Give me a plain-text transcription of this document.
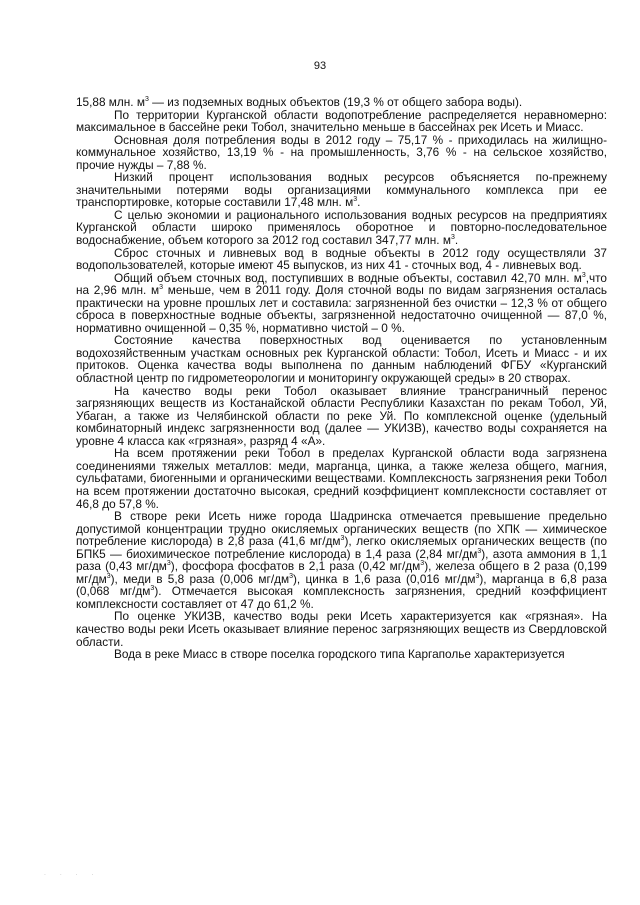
93

15,88 млн. $м^3$ — из подземных водных объектов (19,3 % от общего забора воды).

По территории Курганской области водопотребление распределяется неравномерно: максимальное в бассейне реки Тобол, значительно меньше в бассейнах рек Исеть и Миасс.

Основная доля потребления воды в 2012 году – 75,17 % - приходилась на жилищно-коммунальное хозяйство, 13,19 % - на промышленность, 3,76 % - на сельское хозяйство, прочие нужды – 7,88 %.

Низкий процент использования водных ресурсов объясняется по-прежнему значительными потерями воды организациями коммунального комплекса при ее транспортировке, которые составили 17,48 млн. $м^3$.

С целью экономии и рационального использования водных ресурсов на предприятиях Курганской области широко применялось оборотное и повторно-последовательное водоснабжение, объем которого за 2012 год составил 347,77 млн. $м^3$.

Сброс сточных и ливневых вод в водные объекты в 2012 году осуществляли 37 водопользователей, которые имеют 45 выпусков, из них 41 - сточных вод, 4 - ливневых вод.

Общий объем сточных вод, поступивших в водные объекты, составил 42,70 млн. $м^3,что$ на 2,96 млн. $м^3$ меньше, чем в 2011 году. Доля сточной воды по видам загрязнения осталась практически на уровне прошлых лет и составила: загрязненной без очистки – 12,3 % от общего сброса в поверхностные водные объекты, загрязненной недостаточно очищенной — 87,0 %, нормативно очищенной – 0,35 %, нормативно чистой – 0 %.

Состояние качества поверхностных вод оценивается по установленным водохозяйственным участкам основных рек Курганской области: Тобол, Исеть и Миасс - и их притоков. Оценка качества воды выполнена по данным наблюдений ФГБУ «Курганский областной центр по гидрометеорологии и мониторингу окружающей среды» в 20 створах.

На качество воды реки Тобол оказывает влияние трансграничный перенос загрязняющих веществ из Костанайской области Республики Казахстан по рекам Тобол, Уй, Убаган, а также из Челябинской области по реке Уй. По комплексной оценке (удельный комбинаторный индекс загрязненности вод (далее — УКИЗВ), качество воды сохраняется на уровне 4 класса как «грязная», разряд 4 «А».

На всем протяжении реки Тобол в пределах Курганской области вода загрязнена соединениями тяжелых металлов: меди, марганца, цинка, а также железа общего, магния, сульфатами, биогенными и органическими веществами. Комплексность загрязнения реки Тобол на всем протяжении достаточно высокая, средний коэффициент комплексности составляет от 46,8 до 57,8 %.

В створе реки Исеть ниже города Шадринска отмечается превышение предельно допустимой концентрации трудно окисляемых органических веществ (по ХПК — химическое потребление кислорода) в 2,8 раза (41,6 $мг/дм^3$), легко окисляемых органических веществ (по БПК5 — биохимическое потребление кислорода) в 1,4 раза (2,84 $мг/дм^3$), азота аммония в 1,1 раза (0,43 $мг/дм^3$), фосфора фосфатов в 2,1 раза (0,42 $мг/дм^3$), железа общего в 2 раза (0,199 $мг/дм^3$), меди в 5,8 раза (0,006 $мг/дм^3$), цинка в 1,6 раза (0,016 $мг/дм^3$), марганца в 6,8 раза (0,068 $мг/дм^3$). Отмечается высокая комплексность загрязнения, средний коэффициент комплексности составляет от 47 до 61,2 %.

По оценке УКИЗВ, качество воды реки Исеть характеризуется как «грязная». На качество воды реки Исеть оказывает влияние перенос загрязняющих веществ из Свердловской области.

Вода в реке Миасс в створе поселка городского типа Каргаполье характеризуется

· · · ·
